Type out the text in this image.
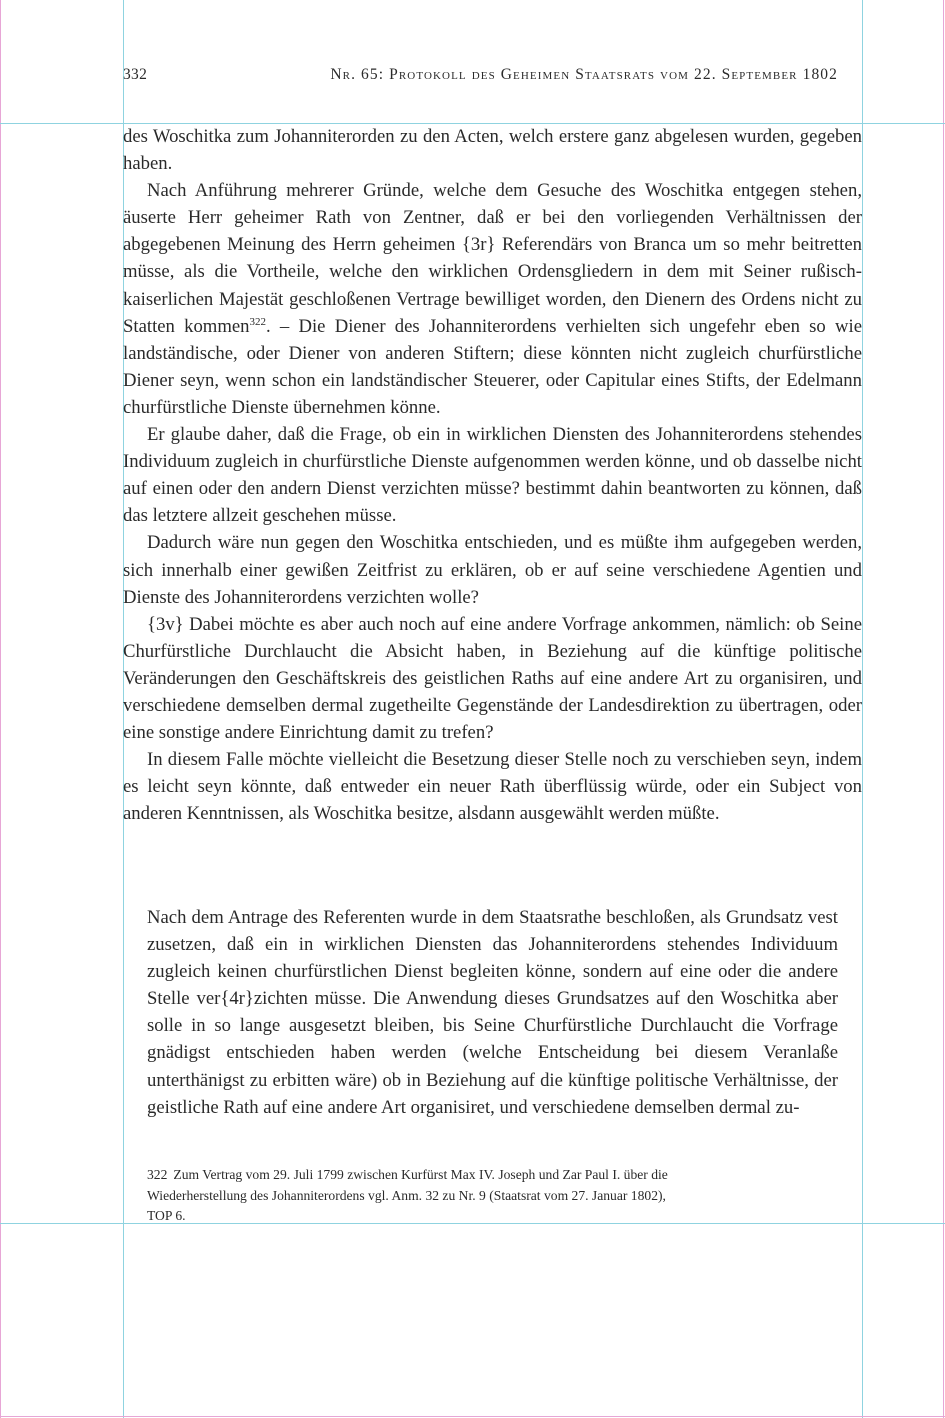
332	Nr. 65: Protokoll des Geheimen Staatsrats vom 22. September 1802

des Woschitka zum Johanniterorden zu den Acten, welch erstere ganz abgelesen wurden, gegeben haben.

Nach Anführung mehrerer Gründe, welche dem Gesuche des Woschitka entgegen stehen, äuserte Herr geheimer Rath von Zentner, daß er bei den vorliegenden Verhältnissen der abgegebenen Meinung des Herrn geheimen {3r} Referendärs von Branca um so mehr beitretten müsse, als die Vortheile, welche den wirklichen Ordensgliedern in dem mit Seiner rußisch-kaiserlichen Majestät geschloßenen Vertrage bewilliget worden, den Dienern des Ordens nicht zu Statten kommen$^{322}$. – Die Diener des Johanniterordens verhielten sich ungefehr eben so wie landständische, oder Diener von anderen Stiftern; diese könnten nicht zugleich churfürstliche Diener seyn, wenn schon ein landständischer Steuerer, oder Capitular eines Stifts, der Edelmann churfürstliche Dienste übernehmen könne.

Er glaube daher, daß die Frage, ob ein in wirklichen Diensten des Johanniterordens stehendes Individuum zugleich in churfürstliche Dienste aufgenommen werden könne, und ob dasselbe nicht auf einen oder den andern Dienst verzichten müsse? bestimmt dahin beantworten zu können, daß das letztere allzeit geschehen müsse.

Dadurch wäre nun gegen den Woschitka entschieden, und es müßte ihm aufgegeben werden, sich innerhalb einer gewißen Zeitfrist zu erklären, ob er auf seine verschiedene Agentien und Dienste des Johanniterordens verzichten wolle?

{3v} Dabei möchte es aber auch noch auf eine andere Vorfrage ankommen, nämlich: ob Seine Churfürstliche Durchlaucht die Absicht haben, in Beziehung auf die künftige politische Veränderungen den Geschäftskreis des geistlichen Raths auf eine andere Art zu organisiren, und verschiedene demselben dermal zugetheilte Gegenstände der Landesdirektion zu übertragen, oder eine sonstige andere Einrichtung damit zu trefen?

In diesem Falle möchte vielleicht die Besetzung dieser Stelle noch zu verschieben seyn, indem es leicht seyn könnte, daß entweder ein neuer Rath überflüssig würde, oder ein Subject von anderen Kenntnissen, als Woschitka besitze, alsdann ausgewählt werden müßte.

Nach dem Antrage des Referenten wurde in dem Staatsrathe beschloßen, als Grundsatz vest zusetzen, daß ein in wirklichen Diensten das Johanniterordens stehendes Individuum zugleich keinen churfürstlichen Dienst begleiten könne, sondern auf eine oder die andere Stelle ver{4r}zichten müsse. Die Anwendung dieses Grundsatzes auf den Woschitka aber solle in so lange ausgesetzt bleiben, bis Seine Churfürstliche Durchlaucht die Vorfrage gnädigst entschieden haben werden (welche Entscheidung bei diesem Veranlaße unterthänigst zu erbitten wäre) ob in Beziehung auf die künftige politische Verhältnisse, der geistliche Rath auf eine andere Art organisiret, und verschiedene demselben dermal zu-

322 Zum Vertrag vom 29. Juli 1799 zwischen Kurfürst Max IV. Joseph und Zar Paul I. über die Wiederherstellung des Johanniterordens vgl. Anm. 32 zu Nr. 9 (Staatsrat vom 27. Januar 1802), TOP 6.
